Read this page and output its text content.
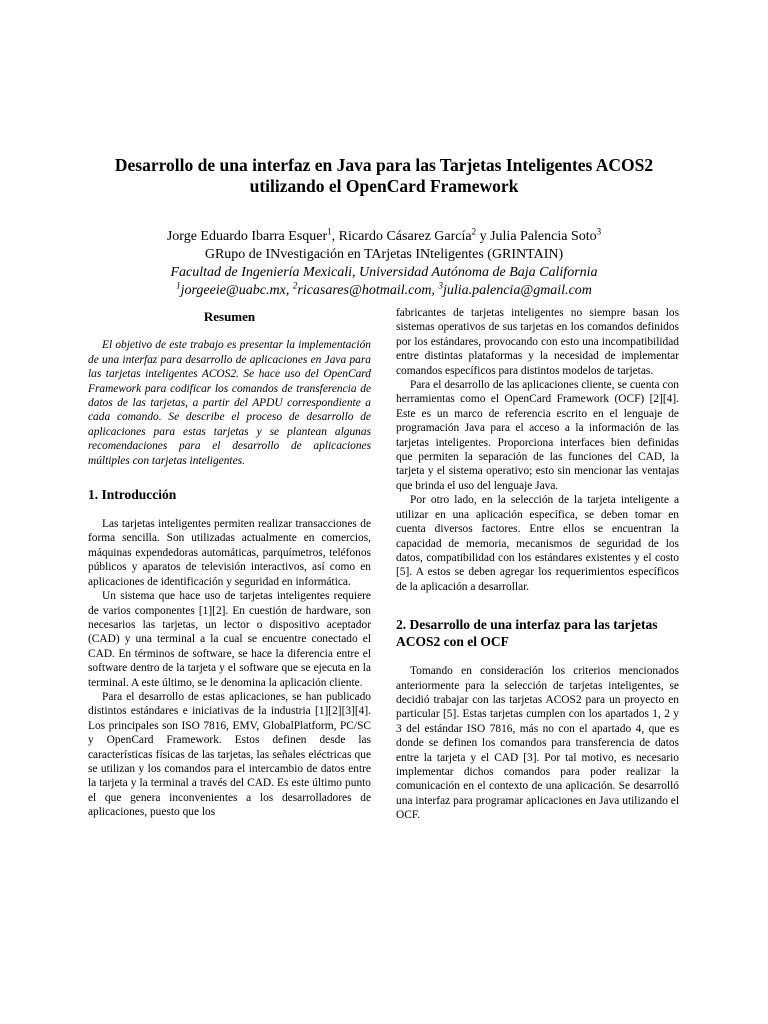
Desarrollo de una interfaz en Java para las Tarjetas Inteligentes ACOS2
utilizando el OpenCard Framework
Jorge Eduardo Ibarra Esquer$^1$, Ricardo Cásarez García$^2$ y Julia Palencia Soto$^3$
GRupo de INvestigación en TArjetas INteligentes (GRINTAIN)
Facultad de Ingeniería Mexicali, Universidad Autónoma de Baja California
$^1$jorgeeie@uabc.mx, $^2$ricasares@hotmail.com, $^3$julia.palencia@gmail.com
Resumen

El objetivo de este trabajo es presentar la implementación de una interfaz para desarrollo de aplicaciones en Java para las tarjetas inteligentes ACOS2. Se hace uso del OpenCard Framework para codificar los comandos de transferencia de datos de las tarjetas, a partir del APDU correspondiente a cada comando. Se describe el proceso de desarrollo de aplicaciones para estas tarjetas y se plantean algunas recomendaciones para el desarrollo de aplicaciones múltiples con tarjetas inteligentes.

1. Introducción

Las tarjetas inteligentes permiten realizar transacciones de forma sencilla. Son utilizadas actualmente en comercios, máquinas expendedoras automáticas, parquímetros, teléfonos públicos y aparatos de televisión interactivos, así como en aplicaciones de identificación y seguridad en informática.

Un sistema que hace uso de tarjetas inteligentes requiere de varios componentes [1][2]. En cuestión de hardware, son necesarios las tarjetas, un lector o dispositivo aceptador (CAD) y una terminal a la cual se encuentre conectado el CAD. En términos de software, se hace la diferencia entre el software dentro de la tarjeta y el software que se ejecuta en la terminal. A este último, se le denomina la aplicación cliente.

Para el desarrollo de estas aplicaciones, se han publicado distintos estándares e iniciativas de la industria [1][2][3][4]. Los principales son ISO 7816, EMV, GlobalPlatform, PC/SC y OpenCard Framework. Estos definen desde las características físicas de las tarjetas, las señales eléctricas que se utilizan y los comandos para el intercambio de datos entre la tarjeta y la terminal a través del CAD. Es este último punto el que genera inconvenientes a los desarrolladores de aplicaciones, puesto que los

fabricantes de tarjetas inteligentes no siempre basan los sistemas operativos de sus tarjetas en los comandos definidos por los estándares, provocando con esto una incompatibilidad entre distintas plataformas y la necesidad de implementar comandos específicos para distintos modelos de tarjetas.

Para el desarrollo de las aplicaciones cliente, se cuenta con herramientas como el OpenCard Framework (OCF) [2][4]. Este es un marco de referencia escrito en el lenguaje de programación Java para el acceso a la información de las tarjetas inteligentes. Proporciona interfaces bien definidas que permiten la separación de las funciones del CAD, la tarjeta y el sistema operativo; esto sin mencionar las ventajas que brinda el uso del lenguaje Java.

Por otro lado, en la selección de la tarjeta inteligente a utilizar en una aplicación específica, se deben tomar en cuenta diversos factores. Entre ellos se encuentran la capacidad de memoria, mecanismos de seguridad de los datos, compatibilidad con los estándares existentes y el costo [5]. A estos se deben agregar los requerimientos específicos de la aplicación a desarrollar.

2. Desarrollo de una interfaz para las tarjetas ACOS2 con el OCF

Tomando en consideración los criterios mencionados anteriormente para la selección de tarjetas inteligentes, se decidió trabajar con las tarjetas ACOS2 para un proyecto en particular [5]. Estas tarjetas cumplen con los apartados 1, 2 y 3 del estándar ISO 7816, más no con el apartado 4, que es donde se definen los comandos para transferencia de datos entre la tarjeta y el CAD [3]. Por tal motivo, es necesario implementar dichos comandos para poder realizar la comunicación en el contexto de una aplicación. Se desarrolló una interfaz para programar aplicaciones en Java utilizando el OCF.
